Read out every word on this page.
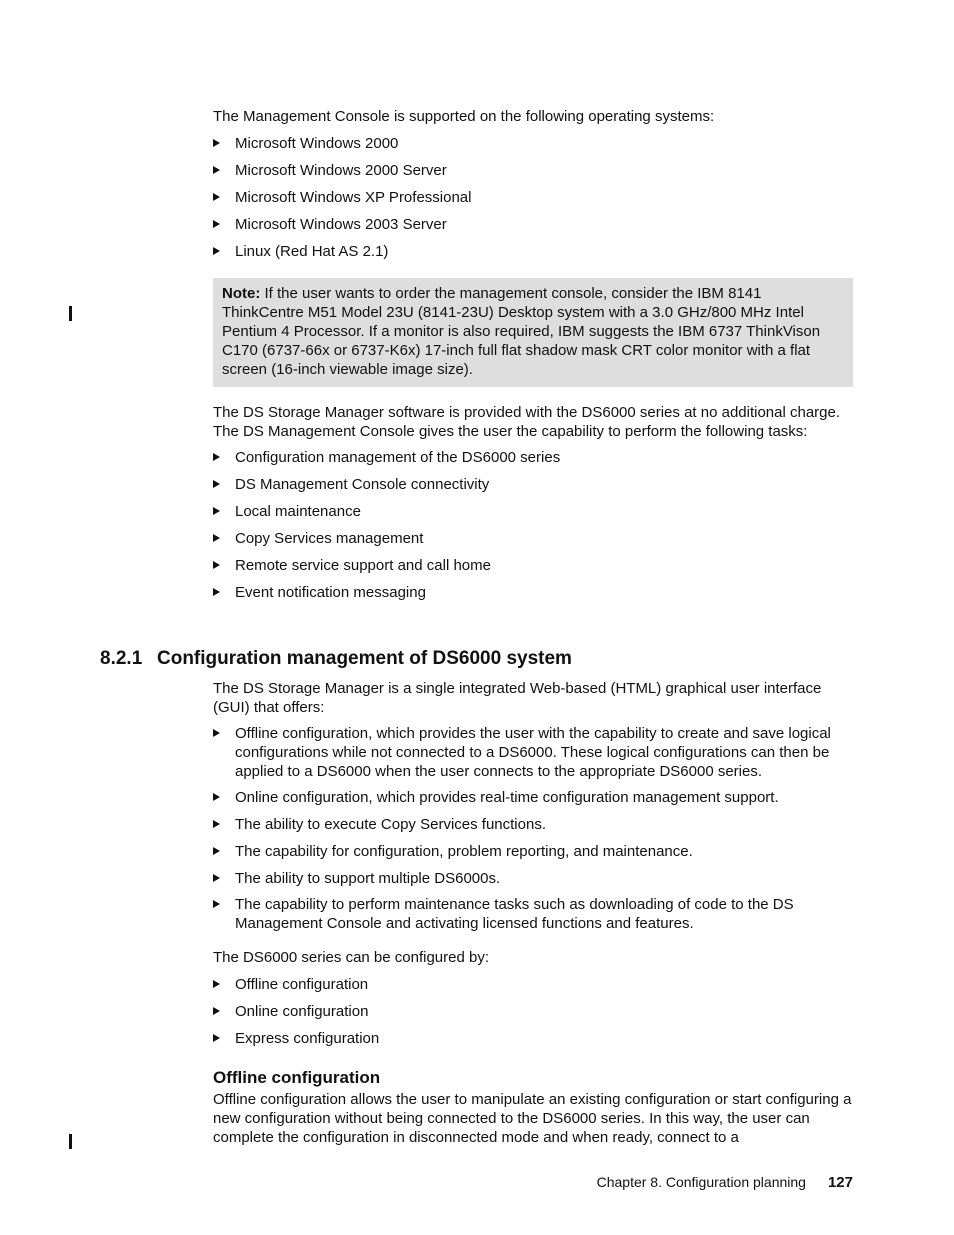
The Management Console is supported on the following operating systems:

Microsoft Windows 2000
Microsoft Windows 2000 Server
Microsoft Windows XP Professional
Microsoft Windows 2003 Server
Linux (Red Hat AS 2.1)
Note: If the user wants to order the management console, consider the IBM 8141 ThinkCentre M51 Model 23U (8141-23U) Desktop system with a 3.0 GHz/800 MHz Intel Pentium 4 Processor. If a monitor is also required, IBM suggests the IBM 6737 ThinkVison C170 (6737-66x or 6737-K6x) 17-inch full flat shadow mask CRT color monitor with a flat screen (16-inch viewable image size).

The DS Storage Manager software is provided with the DS6000 series at no additional charge. The DS Management Console gives the user the capability to perform the following tasks:

Configuration management of the DS6000 series
DS Management Console connectivity
Local maintenance
Copy Services management
Remote service support and call home
Event notification messaging
8.2.1 Configuration management of DS6000 system

The DS Storage Manager is a single integrated Web-based (HTML) graphical user interface (GUI) that offers:

Offline configuration, which provides the user with the capability to create and save logical configurations while not connected to a DS6000. These logical configurations can then be applied to a DS6000 when the user connects to the appropriate DS6000 series.
Online configuration, which provides real-time configuration management support.
The ability to execute Copy Services functions.
The capability for configuration, problem reporting, and maintenance.
The ability to support multiple DS6000s.
The capability to perform maintenance tasks such as downloading of code to the DS Management Console and activating licensed functions and features.

The DS6000 series can be configured by:

Offline configuration
Online configuration
Express configuration
Offline configuration

Offline configuration allows the user to manipulate an existing configuration or start configuring a new configuration without being connected to the DS6000 series. In this way, the user can complete the configuration in disconnected mode and when ready, connect to a

Chapter 8. Configuration planning 127
